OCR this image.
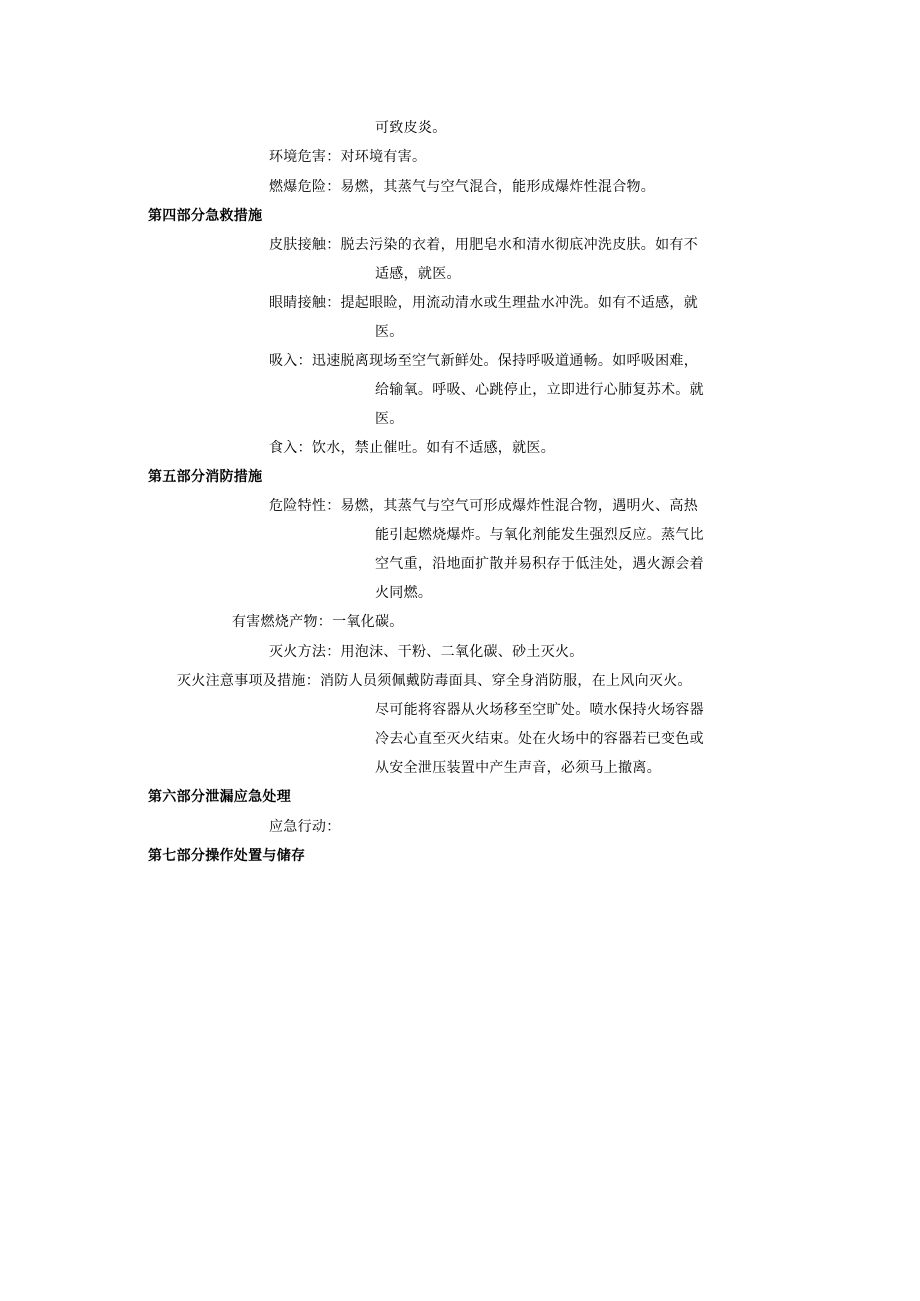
可致皮炎。
环境危害：对环境有害。
燃爆危险：易燃，其蒸气与空气混合，能形成爆炸性混合物。
第四部分急救措施
皮肤接触：脱去污染的衣着，用肥皂水和清水彻底冲洗皮肤。如有不
适感，就医。
眼睛接触：提起眼睑，用流动清水或生理盐水冲洗。如有不适感，就
医。
吸入：迅速脱离现场至空气新鲜处。保持呼吸道通畅。如呼吸困难，
给输氧。呼吸、心跳停止，立即进行心肺复苏术。就
医。
食入：饮水，禁止催吐。如有不适感，就医。
第五部分消防措施
危险特性：易燃，其蒸气与空气可形成爆炸性混合物，遇明火、高热
能引起燃烧爆炸。与氧化剂能发生强烈反应。蒸气比
空气重，沿地面扩散并易积存于低洼处，遇火源会着
火同燃。
有害燃烧产物：一氧化碳。
灭火方法：用泡沫、干粉、二氧化碳、砂土灭火。
灭火注意事项及措施：消防人员须佩戴防毒面具、穿全身消防服，在上风向灭火。
尽可能将容器从火场移至空旷处。喷水保持火场容器
冷去心直至灭火结束。处在火场中的容器若已变色或
从安全泄压装置中产生声音，必须马上撤离。
第六部分泄漏应急处理
应急行动：
第七部分操作处置与储存
